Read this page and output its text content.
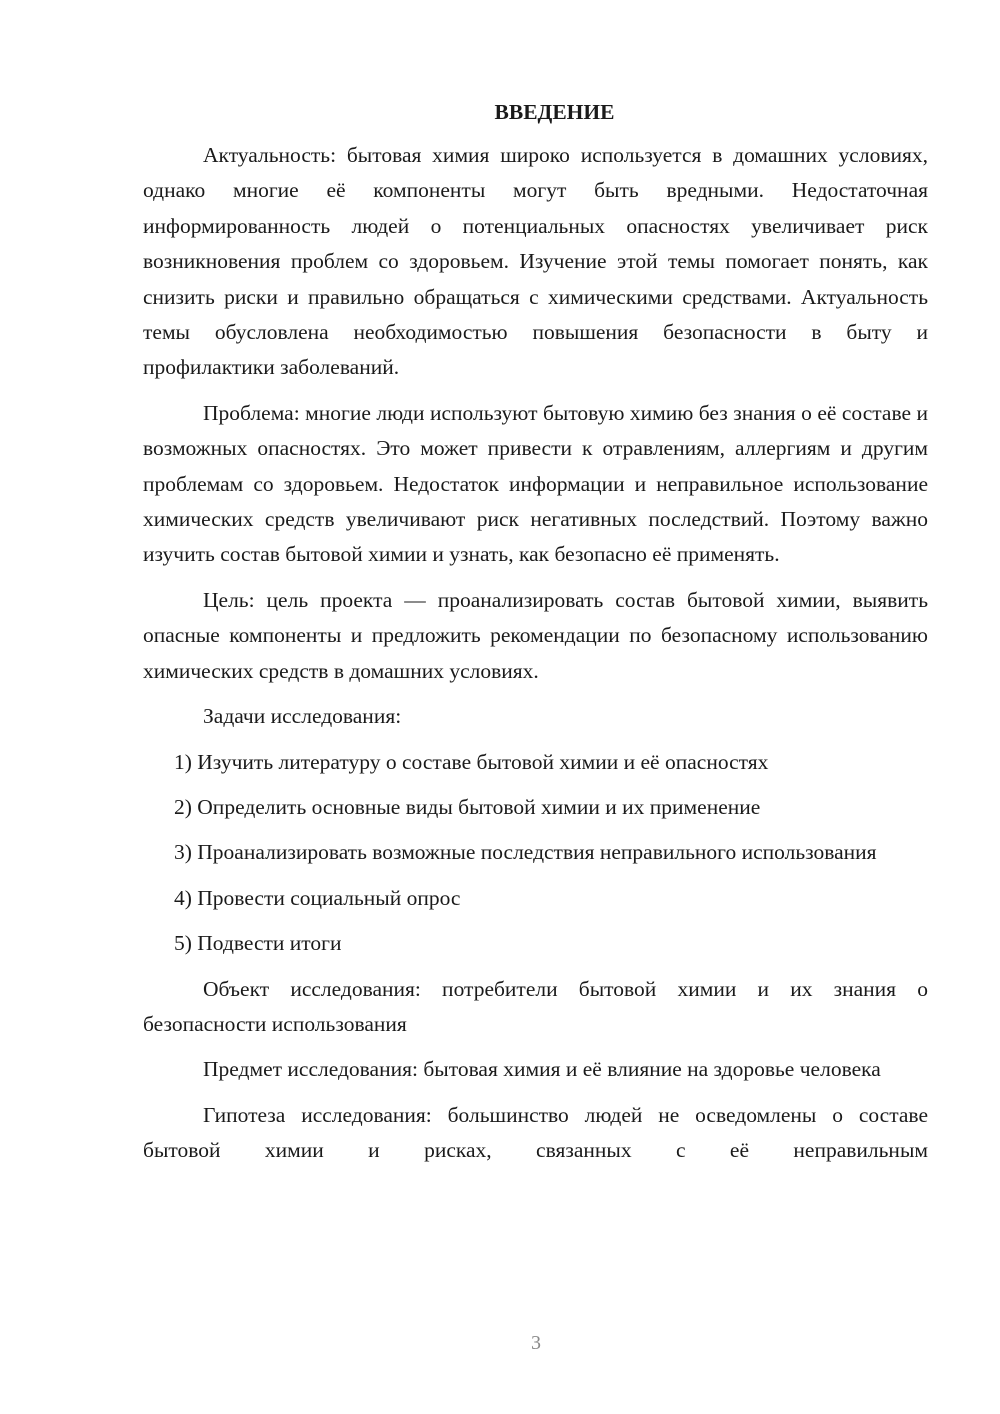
ВВЕДЕНИЕ
Актуальность: бытовая химия широко используется в домашних условиях, однако многие её компоненты могут быть вредными. Недостаточная информированность людей о потенциальных опасностях увеличивает риск возникновения проблем со здоровьем. Изучение этой темы помогает понять, как снизить риски и правильно обращаться с химическими средствами. Актуальность темы обусловлена необходимостью повышения безопасности в быту и профилактики заболеваний.
Проблема: многие люди используют бытовую химию без знания о её составе и возможных опасностях. Это может привести к отравлениям, аллергиям и другим проблемам со здоровьем. Недостаток информации и неправильное использование химических средств увеличивают риск негативных последствий. Поэтому важно изучить состав бытовой химии и узнать, как безопасно её применять.
Цель: цель проекта — проанализировать состав бытовой химии, выявить опасные компоненты и предложить рекомендации по безопасному использованию химических средств в домашних условиях.
Задачи исследования:
1) Изучить литературу о составе бытовой химии и её опасностях
2) Определить основные виды бытовой химии и их применение
3) Проанализировать возможные последствия неправильного использования
4) Провести социальный опрос
5) Подвести итоги
Объект исследования: потребители бытовой химии и их знания о безопасности использования
Предмет исследования: бытовая химия и её влияние на здоровье человека
Гипотеза исследования: большинство людей не осведомлены о составе бытовой химии и рисках, связанных с её неправильным
3
